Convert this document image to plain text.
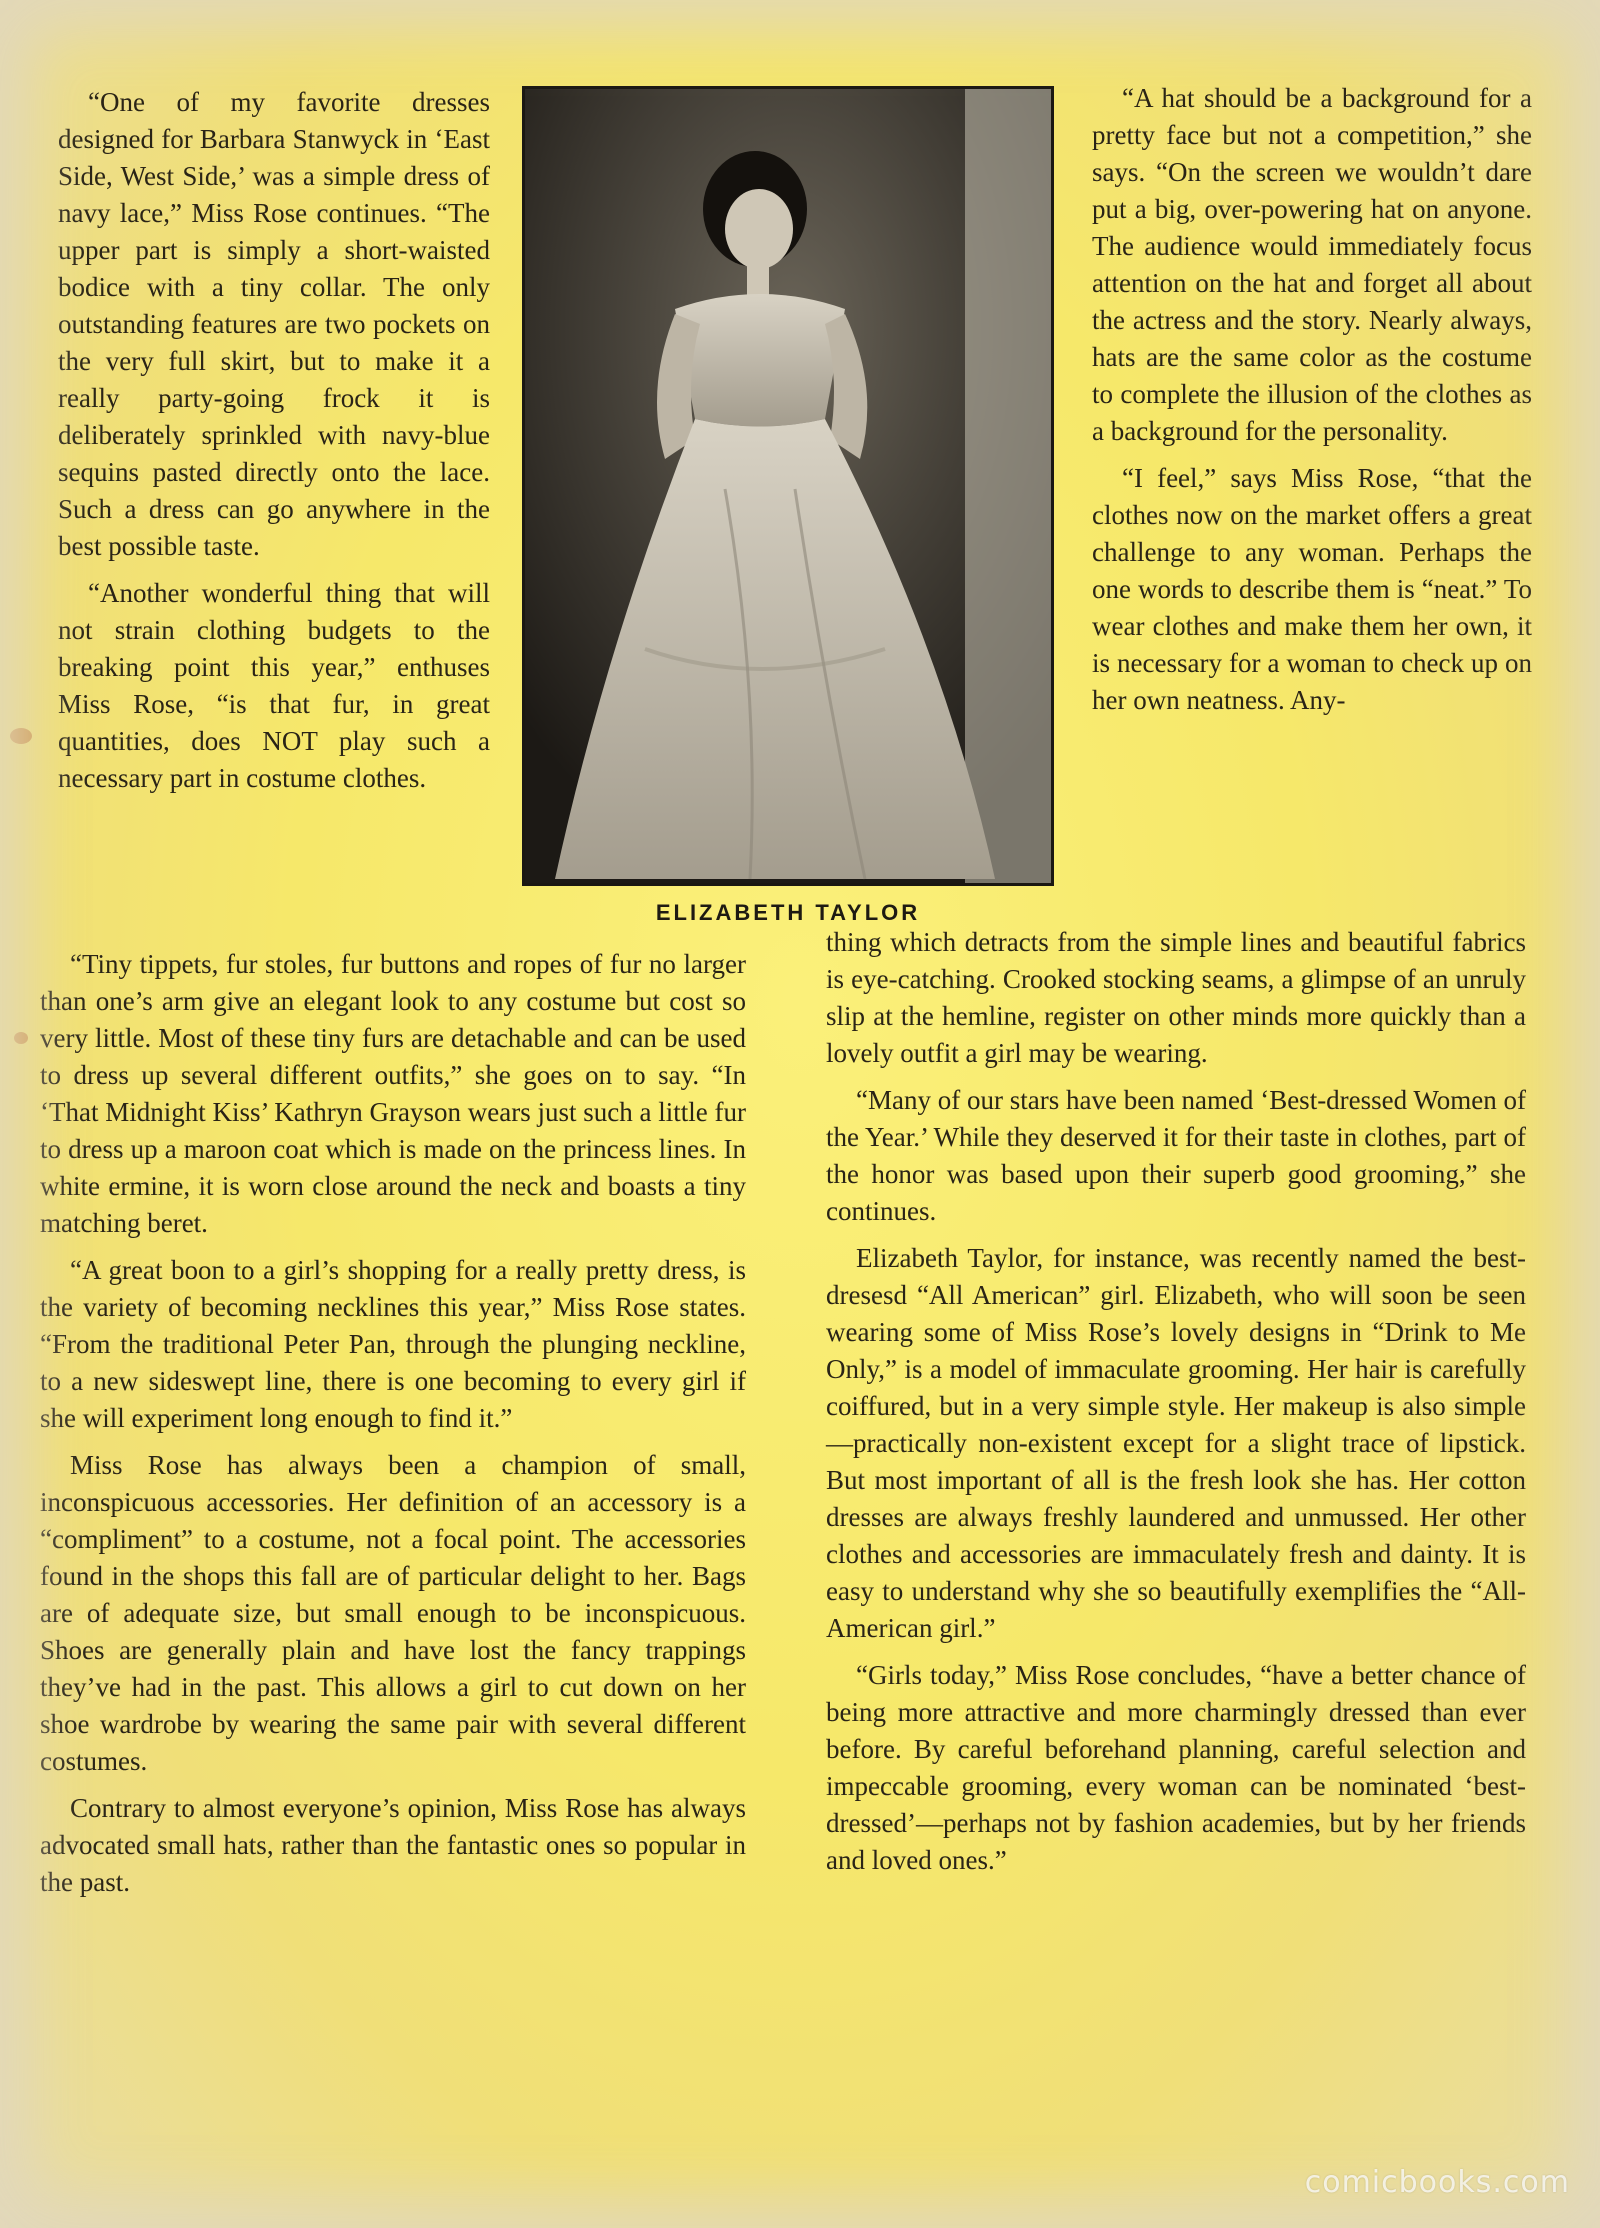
“One of my favorite dresses designed for Barbara Stanwyck in ‘East Side, West Side,’ was a simple dress of navy lace,” Miss Rose continues. “The upper part is simply a short-waisted bodice with a tiny collar. The only outstanding features are two pockets on the very full skirt, but to make it a really party-going frock it is deliberately sprinkled with navy-blue sequins pasted directly onto the lace. Such a dress can go anywhere in the best possible taste.

“Another wonderful thing that will not strain clothing budgets to the breaking point this year,” enthuses Miss Rose, “is that fur, in great quantities, does NOT play such a necessary part in costume clothes.

ELIZABETH TAYLOR

“A hat should be a background for a pretty face but not a competition,” she says. “On the screen we wouldn’t dare put a big, over-powering hat on anyone. The audience would immediately focus attention on the hat and forget all about the actress and the story. Nearly always, hats are the same color as the costume to complete the illusion of the clothes as a background for the personality.

“I feel,” says Miss Rose, “that the clothes now on the market offers a great challenge to any woman. Perhaps the one words to describe them is “neat.” To wear clothes and make them her own, it is necessary for a woman to check up on her own neatness. Any-

“Tiny tippets, fur stoles, fur buttons and ropes of fur no larger than one’s arm give an elegant look to any costume but cost so very little. Most of these tiny furs are detachable and can be used to dress up several different outfits,” she goes on to say. “In ‘That Midnight Kiss’ Kathryn Grayson wears just such a little fur to dress up a maroon coat which is made on the princess lines. In white ermine, it is worn close around the neck and boasts a tiny matching beret.

“A great boon to a girl’s shopping for a really pretty dress, is the variety of becoming necklines this year,” Miss Rose states. “From the traditional Peter Pan, through the plunging neckline, to a new sideswept line, there is one becoming to every girl if she will experiment long enough to find it.”

Miss Rose has always been a champion of small, inconspicuous accessories. Her definition of an accessory is a “compliment” to a costume, not a focal point. The accessories found in the shops this fall are of particular delight to her. Bags are of adequate size, but small enough to be inconspicuous. Shoes are generally plain and have lost the fancy trappings they’ve had in the past. This allows a girl to cut down on her shoe wardrobe by wearing the same pair with several different costumes.

Contrary to almost everyone’s opinion, Miss Rose has always advocated small hats, rather than the fantastic ones so popular in the past.

thing which detracts from the simple lines and beautiful fabrics is eye-catching. Crooked stocking seams, a glimpse of an unruly slip at the hemline, register on other minds more quickly than a lovely outfit a girl may be wearing.

“Many of our stars have been named ‘Best-dressed Women of the Year.’ While they deserved it for their taste in clothes, part of the honor was based upon their superb good grooming,” she continues.

Elizabeth Taylor, for instance, was recently named the best-dresesd “All American” girl. Elizabeth, who will soon be seen wearing some of Miss Rose’s lovely designs in “Drink to Me Only,” is a model of immaculate grooming. Her hair is carefully coiffured, but in a very simple style. Her makeup is also simple—practically non-existent except for a slight trace of lipstick. But most important of all is the fresh look she has. Her cotton dresses are always freshly laundered and unmussed. Her other clothes and accessories are immaculately fresh and dainty. It is easy to understand why she so beautifully exemplifies the “All-American girl.”

“Girls today,” Miss Rose concludes, “have a better chance of being more attractive and more charmingly dressed than ever before. By careful beforehand planning, careful selection and impeccable grooming, every woman can be nominated ‘best-dressed’—perhaps not by fashion academies, but by her friends and loved ones.”

comicbooks.com
